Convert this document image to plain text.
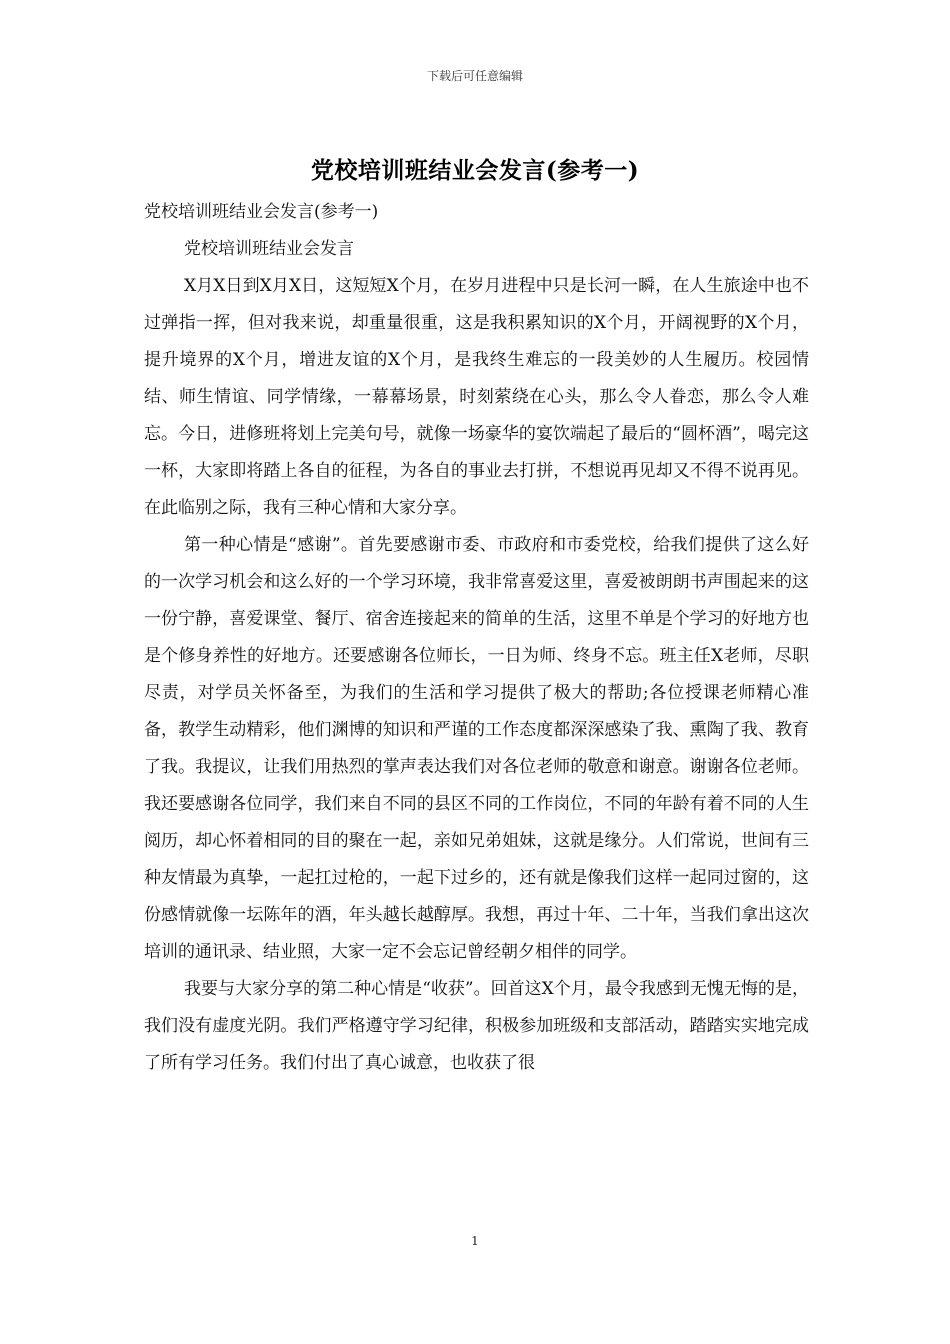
下载后可任意编辑
党校培训班结业会发言(参考一)

党校培训班结业会发言(参考一)

党校培训班结业会发言

X月X日到X月X日，这短短X个月，在岁月进程中只是长河一瞬，在人生旅途中也不过弹指一挥，但对我来说，却重量很重，这是我积累知识的X个月，开阔视野的X个月，提升境界的X个月，增进友谊的X个月，是我终生难忘的一段美妙的人生履历。校园情结、师生情谊、同学情缘，一幕幕场景，时刻萦绕在心头，那么令人眷恋，那么令人难忘。今日，进修班将划上完美句号，就像一场豪华的宴饮端起了最后的“圆杯酒”，喝完这一杯，大家即将踏上各自的征程，为各自的事业去打拼，不想说再见却又不得不说再见。在此临别之际，我有三种心情和大家分享。

第一种心情是“感谢”。首先要感谢市委、市政府和市委党校，给我们提供了这么好的一次学习机会和这么好的一个学习环境，我非常喜爱这里，喜爱被朗朗书声围起来的这一份宁静，喜爱课堂、餐厅、宿舍连接起来的简单的生活，这里不单是个学习的好地方也是个修身养性的好地方。还要感谢各位师长，一日为师、终身不忘。班主任X老师，尽职尽责，对学员关怀备至，为我们的生活和学习提供了极大的帮助;各位授课老师精心准备，教学生动精彩，他们渊博的知识和严谨的工作态度都深深感染了我、熏陶了我、教育了我。我提议，让我们用热烈的掌声表达我们对各位老师的敬意和谢意。谢谢各位老师。我还要感谢各位同学，我们来自不同的县区不同的工作岗位，不同的年龄有着不同的人生阅历，却心怀着相同的目的聚在一起，亲如兄弟姐妹，这就是缘分。人们常说，世间有三种友情最为真挚，一起扛过枪的，一起下过乡的，还有就是像我们这样一起同过窗的，这份感情就像一坛陈年的酒，年头越长越醇厚。我想，再过十年、二十年，当我们拿出这次培训的通讯录、结业照，大家一定不会忘记曾经朝夕相伴的同学。

我要与大家分享的第二种心情是“收获”。回首这X个月，最令我感到无愧无悔的是，我们没有虚度光阴。我们严格遵守学习纪律，积极参加班级和支部活动，踏踏实实地完成了所有学习任务。我们付出了真心诚意，也收获了很

1
